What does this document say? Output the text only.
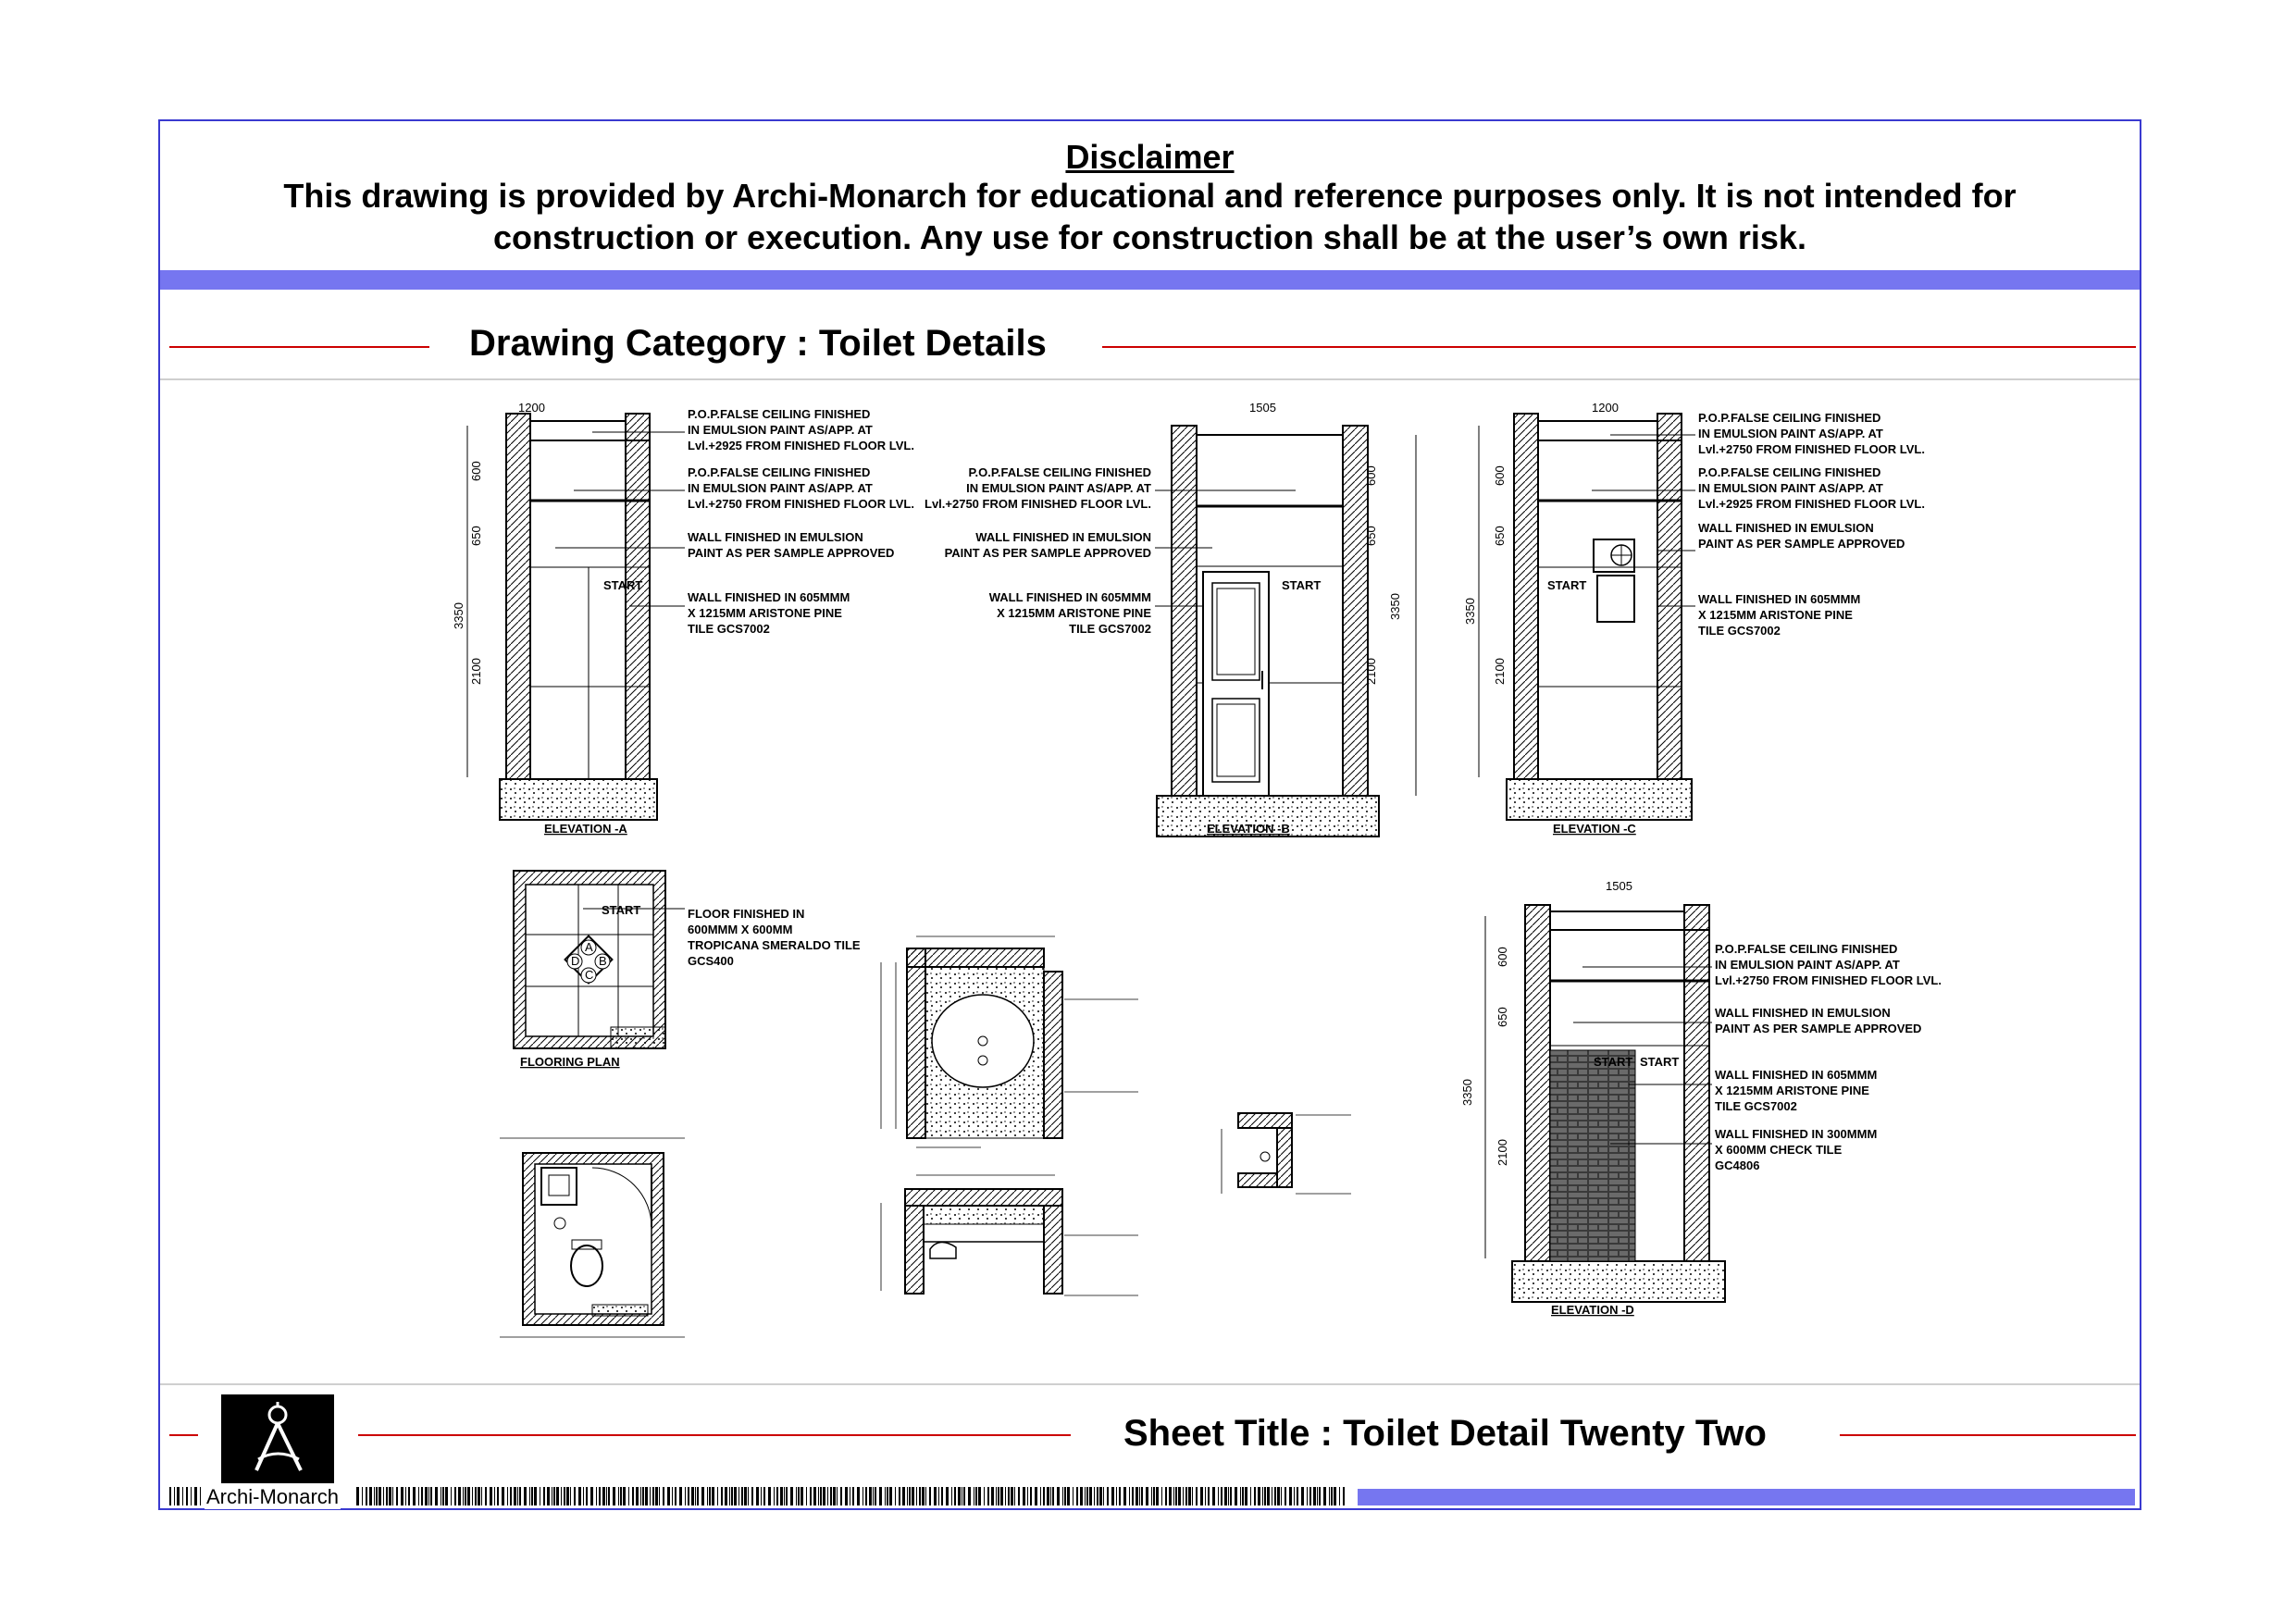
Disclaimer
This drawing is provided by Archi-Monarch for educational and reference purposes only. It is not intended for
construction or execution. Any use for construction shall be at the user’s own risk.
Drawing Category : Toilet Details
Sheet Title : Toilet Detail Twenty Two
Archi-Monarch
1200
600
650
2100
3350
START
ELEVATION -A
P.O.P.FALSE CEILING FINISHED
IN EMULSION PAINT AS/APP. AT
Lvl.+2925 FROM FINISHED FLOOR LVL.
P.O.P.FALSE CEILING FINISHED
IN EMULSION PAINT AS/APP. AT
Lvl.+2750 FROM FINISHED FLOOR LVL.
WALL FINISHED IN EMULSION
PAINT AS PER SAMPLE APPROVED
WALL FINISHED IN 605MMM
X 1215MM ARISTONE PINE
TILE GCS7002
1505
600
650
2100
3350
START
ELEVATION -B
P.O.P.FALSE CEILING FINISHED
IN EMULSION PAINT AS/APP. AT
Lvl.+2750 FROM FINISHED FLOOR LVL.
WALL FINISHED IN EMULSION
PAINT AS PER SAMPLE APPROVED
WALL FINISHED IN 605MMM
X 1215MM ARISTONE PINE
TILE GCS7002
1200
600
650
2100
3350
START
ELEVATION -C
P.O.P.FALSE CEILING FINISHED
IN EMULSION PAINT AS/APP. AT
Lvl.+2750 FROM FINISHED FLOOR LVL.
P.O.P.FALSE CEILING FINISHED
IN EMULSION PAINT AS/APP. AT
Lvl.+2925 FROM FINISHED FLOOR LVL.
WALL FINISHED IN EMULSION
PAINT AS PER SAMPLE APPROVED
WALL FINISHED IN 605MMM
X 1215MM ARISTONE PINE
TILE GCS7002
1505
600
650
2100
3350
START START
ELEVATION -D
P.O.P.FALSE CEILING FINISHED
IN EMULSION PAINT AS/APP. AT
Lvl.+2750 FROM FINISHED FLOOR LVL.
WALL FINISHED IN EMULSION
PAINT AS PER SAMPLE APPROVED
WALL FINISHED IN 605MMM
X 1215MM ARISTONE PINE
TILE GCS7002
WALL FINISHED IN 300MMM
X 600MM CHECK TILE
GC4806
A
B
C
D
START
FLOORING PLAN
FLOOR FINISHED IN
600MMM X 600MM
TROPICANA SMERALDO TILE
GCS400
